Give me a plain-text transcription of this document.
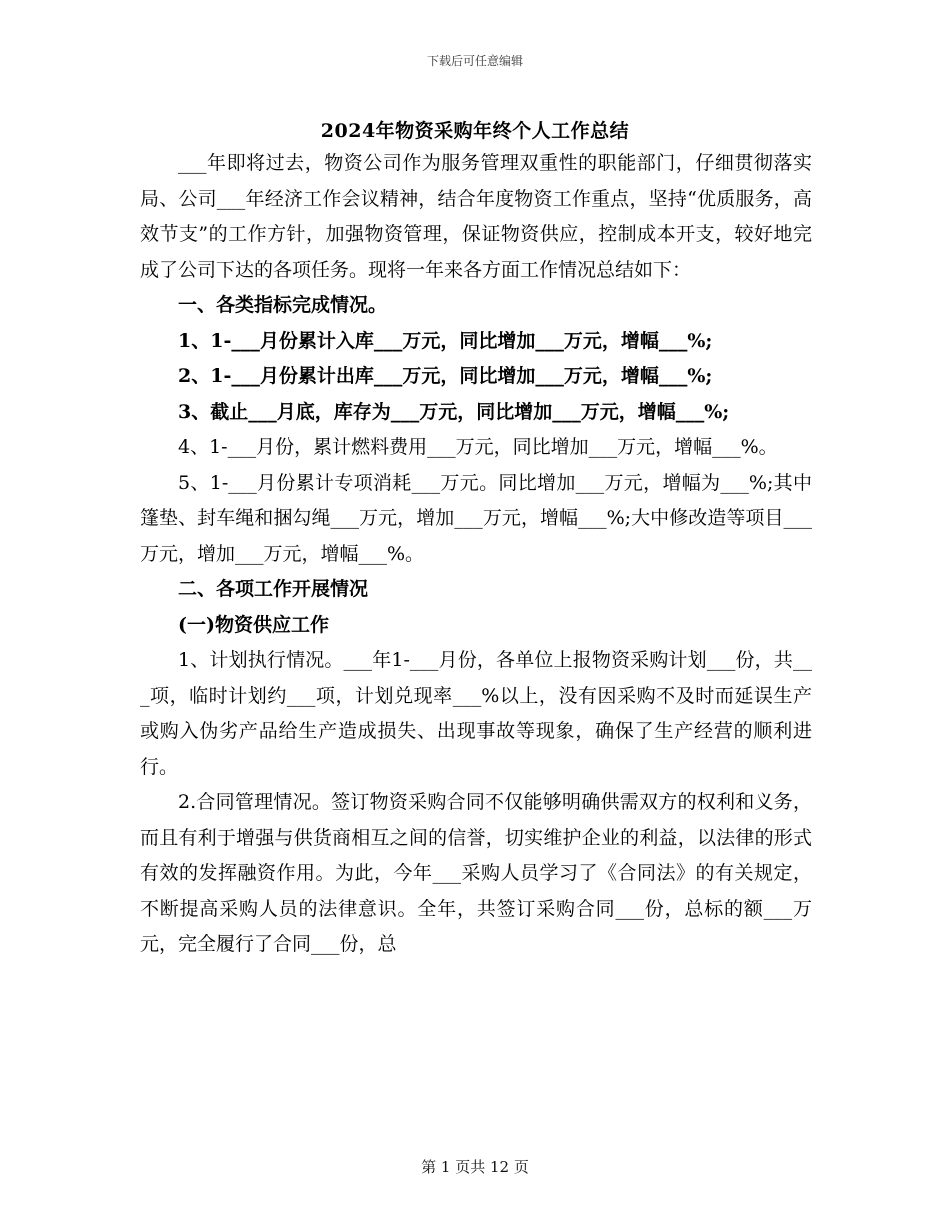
下载后可任意编辑
2024年物资采购年终个人工作总结

___年即将过去，物资公司作为服务管理双重性的职能部门，仔细贯彻落实局、公司___年经济工作会议精神，结合年度物资工作重点，坚持“优质服务，高效节支”的工作方针，加强物资管理，保证物资供应，控制成本开支，较好地完成了公司下达的各项任务。现将一年来各方面工作情况总结如下：

一、各类指标完成情况。

1、1-___月份累计入库___万元，同比增加___万元，增幅___%;

2、1-___月份累计出库___万元，同比增加___万元，增幅___%;

3、截止___月底，库存为___万元，同比增加___万元，增幅___%;

4、1-___月份，累计燃料费用___万元，同比增加___万元，增幅___%。

5、1-___月份累计专项消耗___万元。同比增加___万元，增幅为___%;其中篷垫、封车绳和捆勾绳___万元，增加___万元，增幅___%;大中修改造等项目___万元，增加___万元，增幅___%。

二、各项工作开展情况

(一)物资供应工作

1、计划执行情况。___年1-___月份，各单位上报物资采购计划___份，共___项，临时计划约___项，计划兑现率___%以上，没有因采购不及时而延误生产或购入伪劣产品给生产造成损失、出现事故等现象，确保了生产经营的顺利进行。

2.合同管理情况。签订物资采购合同不仅能够明确供需双方的权利和义务，而且有利于增强与供货商相互之间的信誉，切实维护企业的利益，以法律的形式有效的发挥融资作用。为此，今年___采购人员学习了《合同法》的有关规定，不断提高采购人员的法律意识。全年，共签订采购合同___份，总标的额___万元，完全履行了合同___份，总

第 1 页共 12 页
